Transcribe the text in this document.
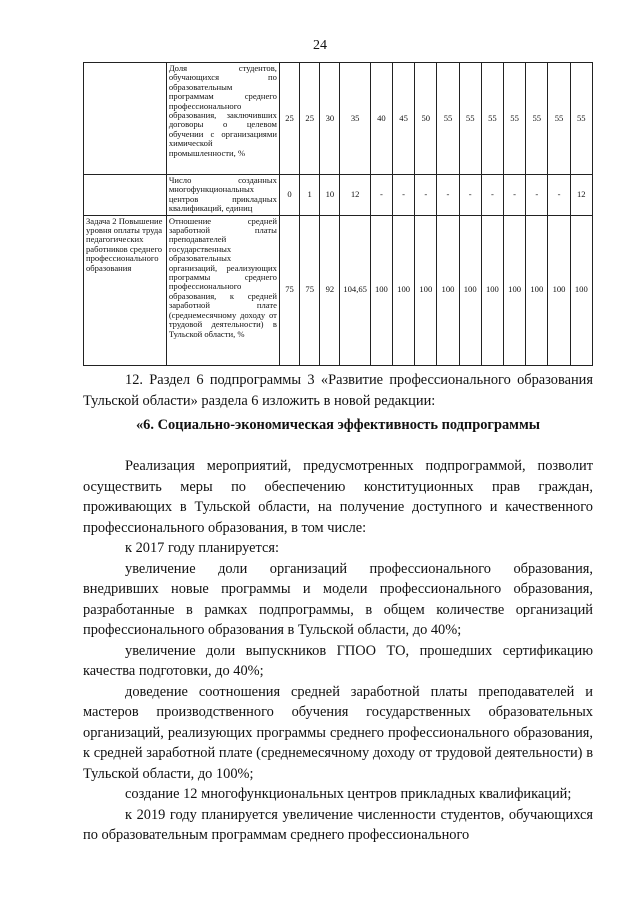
24
	Доля студентов, обучающихся по образовательным программам среднего профессионального образования, заключивших договоры о целевом обучении с организациями химической промышленности, %	25	25	30	35	40	45	50	55	55	55	55	55	55	55
	Число созданных многофункциональных центров прикладных квалификаций, единиц	0	1	10	12	-	-	-	-	-	-	-	-	-	12
Задача 2 Повышение уровня оплаты труда педагогических работников среднего профессионального образования	Отношение средней заработной платы преподавателей государственных образовательных организаций, реализующих программы среднего профессионального образования, к средней заработной плате (среднемесячному доходу от трудовой деятельности) в Тульской области, %	75	75	92	104,65	100	100	100	100	100	100	100	100	100	100

12. Раздел 6 подпрограммы 3 «Развитие профессионального образования Тульской области» раздела 6 изложить в новой редакции:

«6. Социально-экономическая эффективность подпрограммы

Реализация мероприятий, предусмотренных подпрограммой, позволит осуществить меры по обеспечению конституционных прав граждан, проживающих в Тульской области, на получение доступного и качественного профессионального образования, в том числе:

к 2017 году планируется:

увеличение доли организаций профессионального образования, внедривших новые программы и модели профессионального образования, разработанные в рамках подпрограммы, в общем количестве организаций профессионального образования в Тульской области, до 40%;

увеличение доли выпускников ГПОО ТО, прошедших сертификацию качества подготовки, до 40%;

доведение соотношения средней заработной платы преподавателей и мастеров производственного обучения государственных образовательных организаций, реализующих программы среднего профессионального образования, к средней заработной плате (среднемесячному доходу от трудовой деятельности) в Тульской области, до 100%;

создание 12 многофункциональных центров прикладных квалификаций;

к 2019 году планируется увеличение численности студентов, обучающихся по образовательным программам среднего профессионального
